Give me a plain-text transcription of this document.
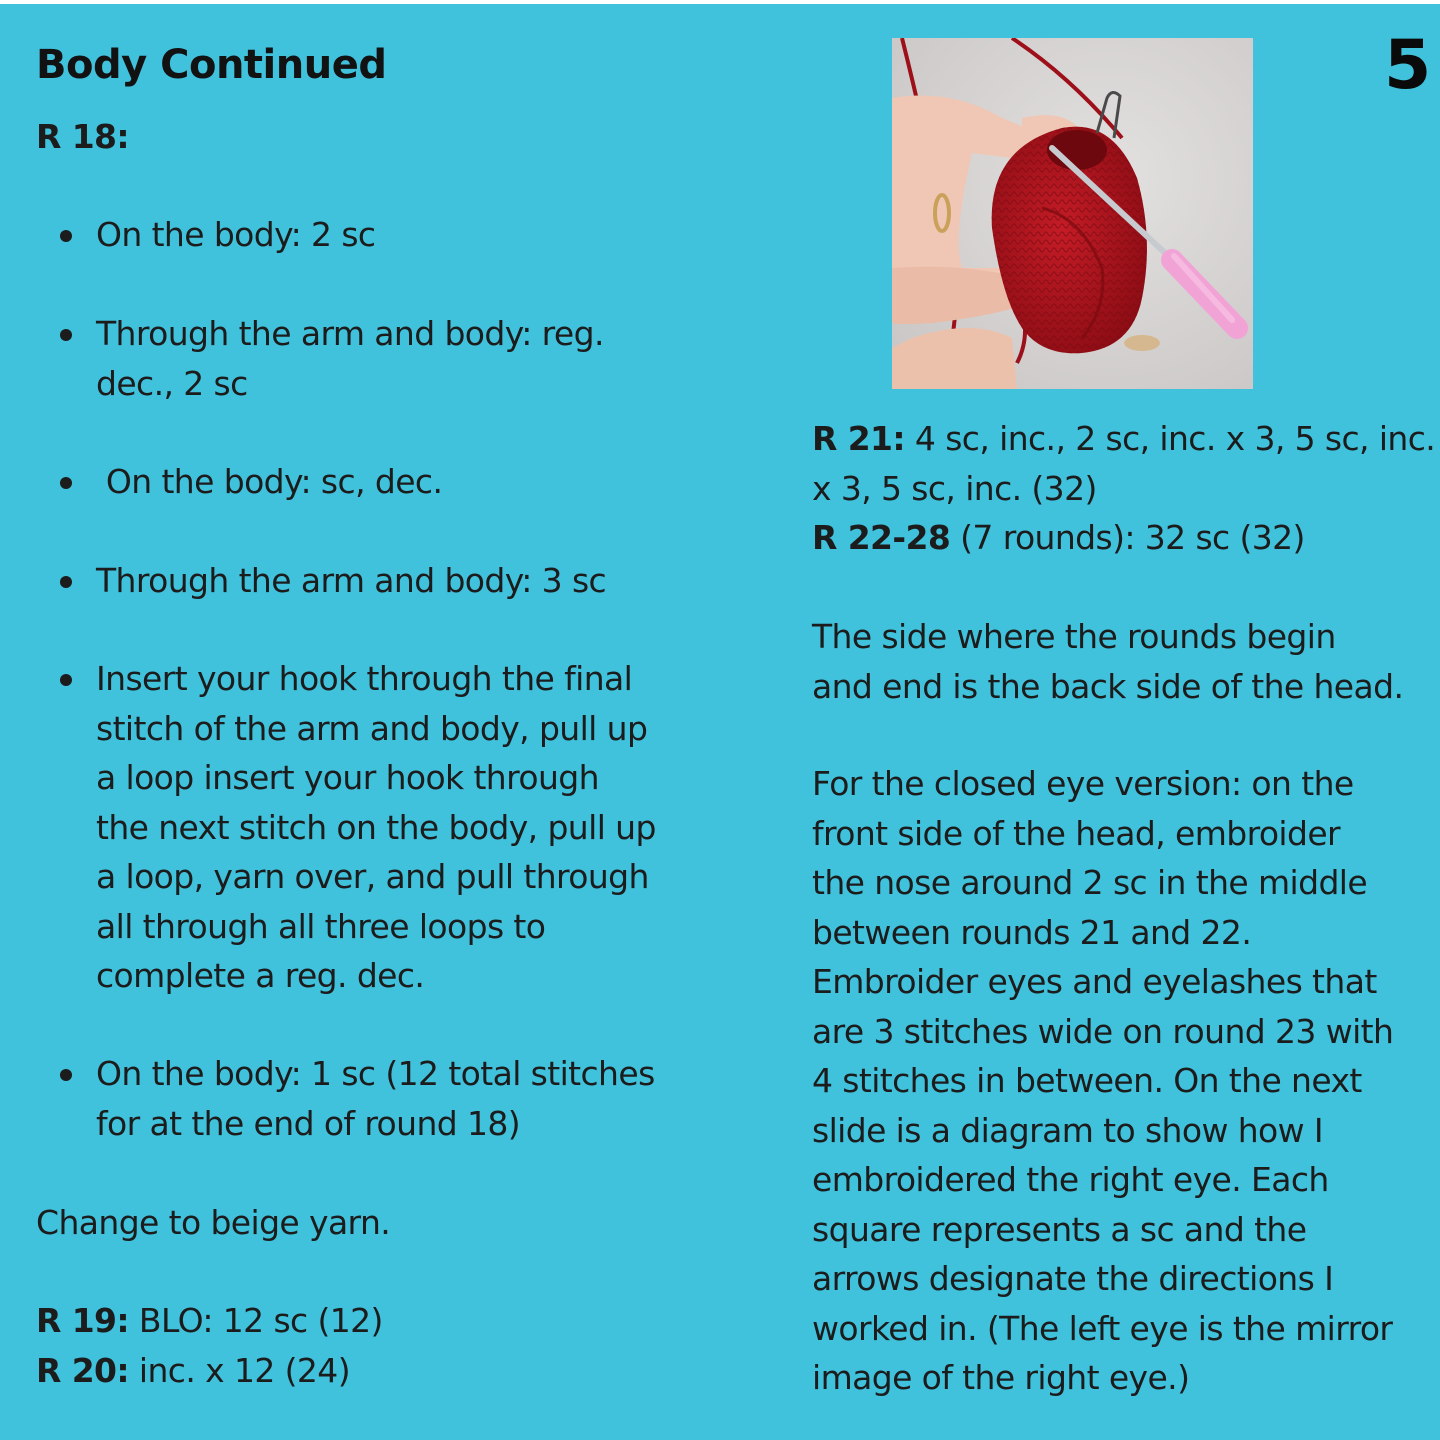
Body Continued	5
R 18:
On the body: 2 sc
Through the arm and body: reg.
dec., 2 sc
On the body: sc, dec.
Through the arm and body: 3 sc
Insert your hook through the final
stitch of the arm and body, pull up
a loop insert your hook through
the next stitch on the body, pull up
a loop, yarn over, and pull through
all through all three loops to
complete a reg. dec.
On the body: 1 sc (12 total stitches
for at the end of round 18)
Change to beige yarn.
R 19: BLO: 12 sc (12)
R 20: inc. x 12 (24)
R 21: 4 sc, inc., 2 sc, inc. x 3, 5 sc, inc.
x 3, 5 sc, inc. (32)
R 22-28 (7 rounds): 32 sc (32)
The side where the rounds begin
and end is the back side of the head.
For the closed eye version: on the
front side of the head, embroider
the nose around 2 sc in the middle
between rounds 21 and 22.
Embroider eyes and eyelashes that
are 3 stitches wide on round 23 with
4 stitches in between. On the next
slide is a diagram to show how I
embroidered the right eye. Each
square represents a sc and the
arrows designate the directions I
worked in. (The left eye is the mirror
image of the right eye.)
